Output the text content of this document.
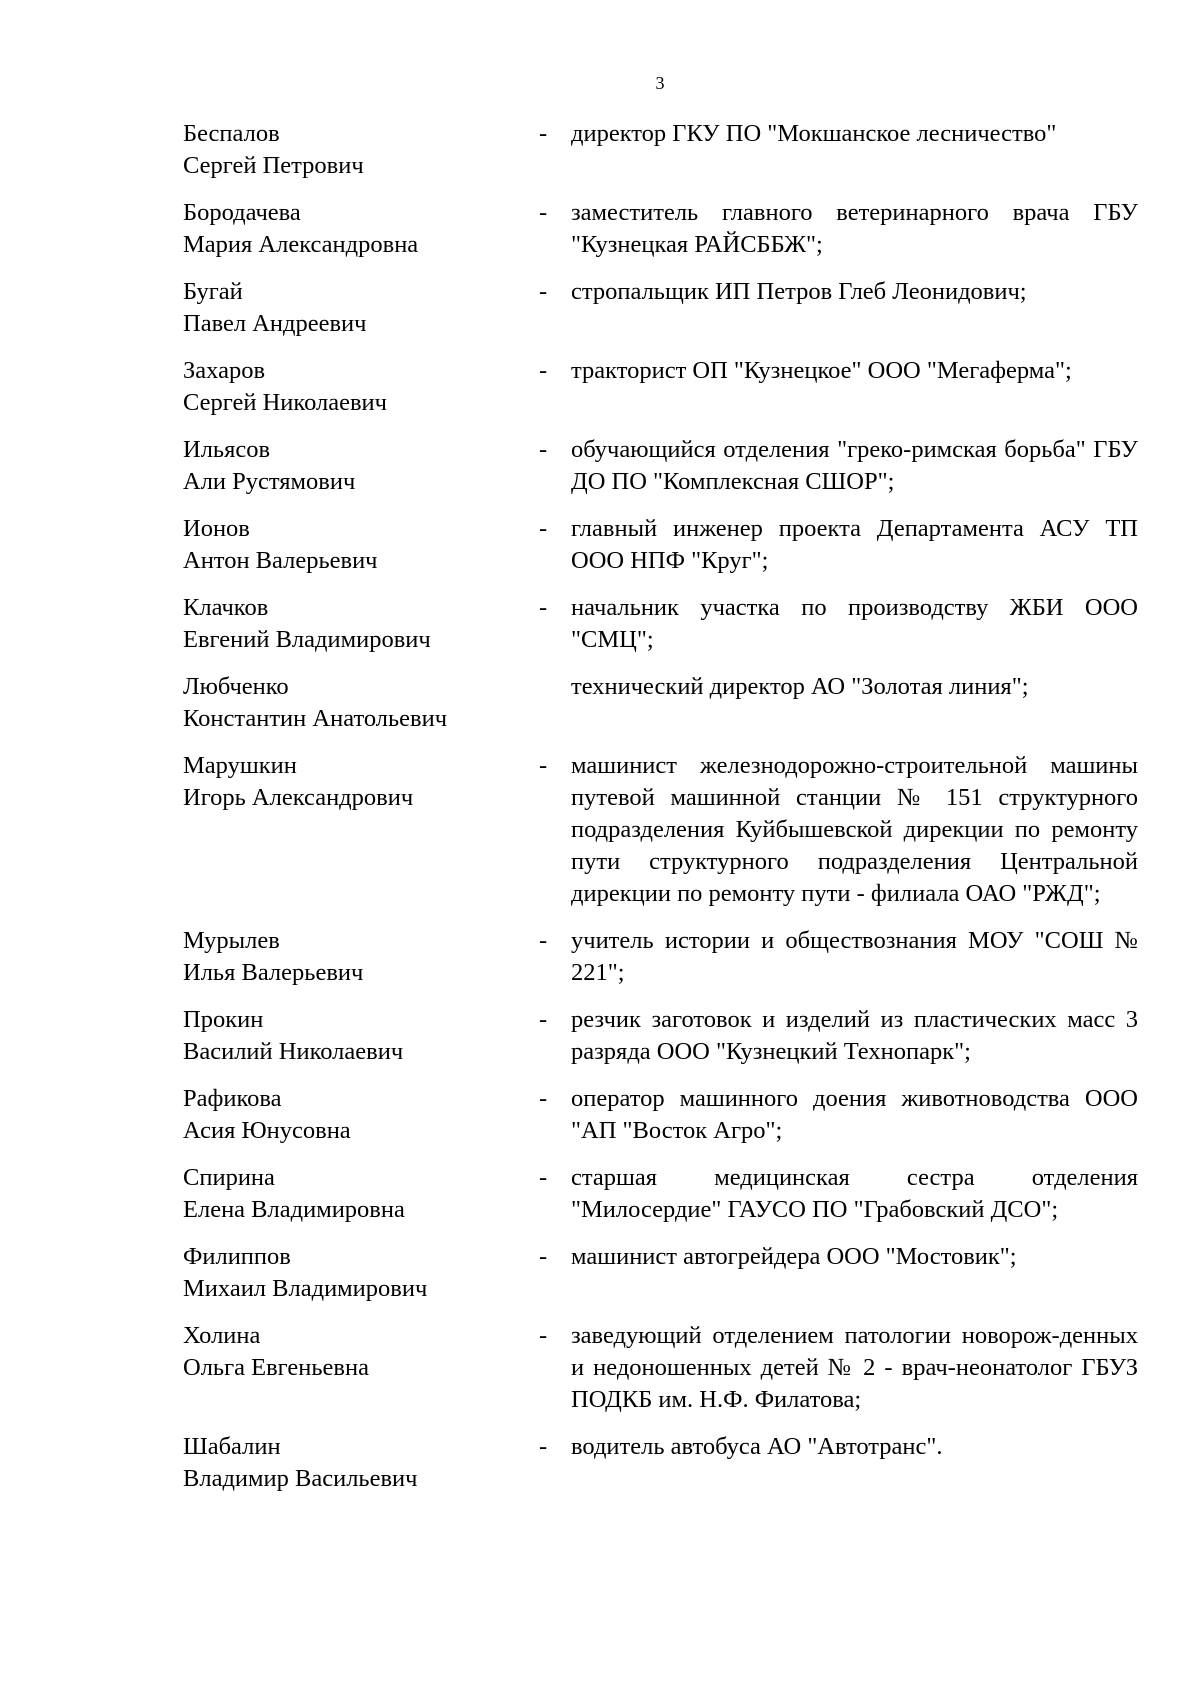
3
Беспалов
Сергей Петрович
- директор ГКУ ПО "Мокшанское лесничество"
Бородачева
Мария Александровна
- заместитель главного ветеринарного врача ГБУ "Кузнецкая РАЙСББЖ";
Бугай
Павел Андреевич
- стропальщик ИП Петров Глеб Леонидович;
Захаров
Сергей Николаевич
- тракторист ОП "Кузнецкое" ООО "Мегаферма";
Ильясов
Али Рустямович
- обучающийся отделения "греко-римская борьба" ГБУ ДО ПО "Комплексная СШОР";
Ионов
Антон Валерьевич
- главный инженер проекта Департамента АСУ ТП ООО НПФ "Круг";
Клачков
Евгений Владимирович
- начальник участка по производству ЖБИ ООО "СМЦ";
Любченко
Константин Анатольевич
технический директор АО "Золотая линия";
Марушкин
Игорь Александрович
- машинист железнодорожно-строительной машины путевой машинной станции № 151 структурного подразделения Куйбышевской дирекции по ремонту пути структурного подразделения Центральной дирекции по ремонту пути - филиала ОАО "РЖД";
Мурылев
Илья Валерьевич
- учитель истории и обществознания МОУ "СОШ № 221";
Прокин
Василий Николаевич
- резчик заготовок и изделий из пластических масс 3 разряда ООО "Кузнецкий Технопарк";
Рафикова
Асия Юнусовна
- оператор машинного доения животноводства ООО "АП "Восток Агро";
Спирина
Елена Владимировна
- старшая медицинская сестра отделения "Милосердие" ГАУСО ПО "Грабовский ДСО";
Филиппов
Михаил Владимирович
- машинист автогрейдера ООО "Мостовик";
Холина
Ольга Евгеньевна
- заведующий отделением патологии новорож-денных и недоношенных детей № 2 - врач-неонатолог ГБУЗ ПОДКБ им. Н.Ф. Филатова;
Шабалин
Владимир Васильевич
- водитель автобуса АО "Автотранс".
